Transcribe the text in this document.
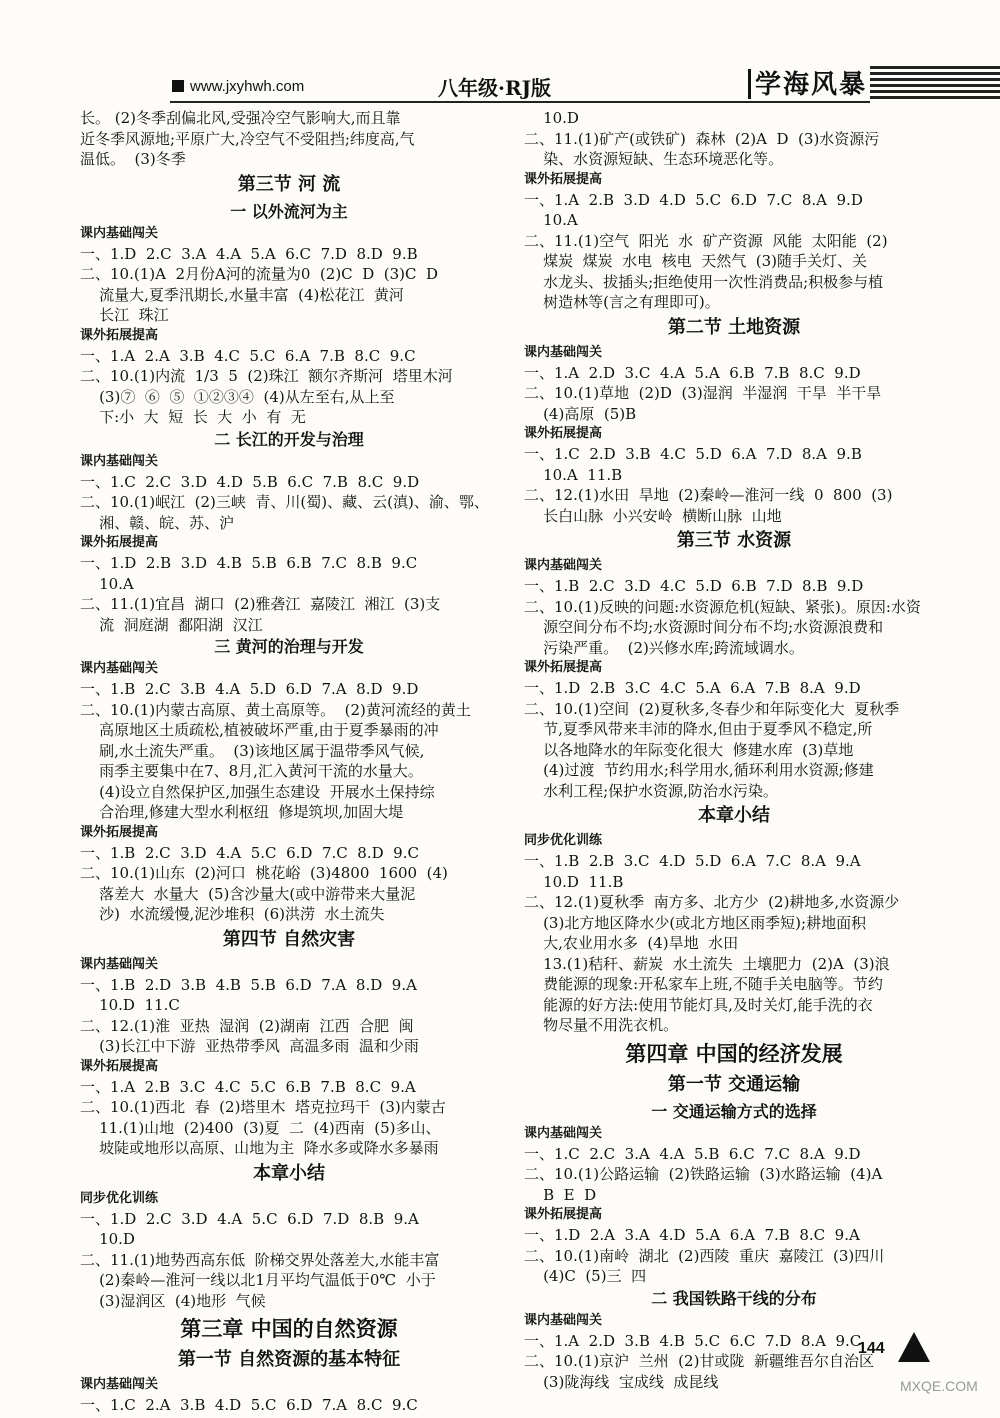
www.jxyhwh.com	八年级·RJ版	学海风暴
长。 (2)冬季刮偏北风,受强冷空气影响大,而且靠
近冬季风源地;平原广大,冷空气不受阻挡;纬度高,气
温低。  (3)冬季
第三节 河 流
一 以外流河为主
课内基础闯关
一、1.D  2.C  3.A  4.A  5.A  6.C  7.D  8.D  9.B
二、10.(1)A  2月份A河的流量为0  (2)C  D  (3)C  D
流量大,夏季汛期长,水量丰富  (4)松花江  黄河
长江  珠江
课外拓展提高
一、1.A  2.A  3.B  4.C  5.C  6.A  7.B  8.C  9.C
二、10.(1)内流  1/3  5  (2)珠江  额尔齐斯河  塔里木河
(3)⑦  ⑥  ⑤  ①②③④  (4)从左至右,从上至
下:小  大  短  长  大  小  有  无
二 长江的开发与治理
课内基础闯关
一、1.C  2.C  3.D  4.D  5.B  6.C  7.B  8.C  9.D
二、10.(1)岷江  (2)三峡  青、川(蜀)、藏、云(滇)、渝、鄂、
湘、赣、皖、苏、沪
课外拓展提高
一、1.D  2.B  3.D  4.B  5.B  6.B  7.C  8.B  9.C
10.A
二、11.(1)宜昌  湖口  (2)雅砻江  嘉陵江  湘江  (3)支
流  洞庭湖  鄱阳湖  汉江
三 黄河的治理与开发
课内基础闯关
一、1.B  2.C  3.B  4.A  5.D  6.D  7.A  8.D  9.D
二、10.(1)内蒙古高原、黄土高原等。  (2)黄河流经的黄土
高原地区土质疏松,植被破坏严重,由于夏季暴雨的冲
刷,水土流失严重。  (3)该地区属于温带季风气候,
雨季主要集中在7、8月,汇入黄河干流的水量大。
(4)设立自然保护区,加强生态建设  开展水土保持综
合治理,修建大型水利枢纽  修堤筑坝,加固大堤
课外拓展提高
一、1.B  2.C  3.D  4.A  5.C  6.D  7.C  8.D  9.C
二、10.(1)山东  (2)河口  桃花峪  (3)4800  1600  (4)
落差大  水量大  (5)含沙量大(或中游带来大量泥
沙)  水流缓慢,泥沙堆积  (6)洪涝  水土流失
第四节 自然灾害
课内基础闯关
一、1.B  2.D  3.B  4.B  5.B  6.D  7.A  8.D  9.A
10.D  11.C
二、12.(1)淮  亚热  湿润  (2)湖南  江西  合肥  闽
(3)长江中下游  亚热带季风  高温多雨  温和少雨
课外拓展提高
一、1.A  2.B  3.C  4.C  5.C  6.B  7.B  8.C  9.A
二、10.(1)西北  春  (2)塔里木  塔克拉玛干  (3)内蒙古
11.(1)山地  (2)400  (3)夏  二  (4)西南  (5)多山、
坡陡或地形以高原、山地为主  降水多或降水多暴雨
本章小结
同步优化训练
一、1.D  2.C  3.D  4.A  5.C  6.D  7.D  8.B  9.A
10.D
二、11.(1)地势西高东低  阶梯交界处落差大,水能丰富
(2)秦岭—淮河一线以北1月平均气温低于0℃  小于
(3)湿润区  (4)地形  气候
第三章 中国的自然资源
第一节 自然资源的基本特征
课内基础闯关
一、1.C  2.A  3.B  4.D  5.C  6.D  7.A  8.C  9.C
10.D
二、11.(1)矿产(或铁矿)  森林  (2)A  D  (3)水资源污
染、水资源短缺、生态环境恶化等。
课外拓展提高
一、1.A  2.B  3.D  4.D  5.C  6.D  7.C  8.A  9.D
10.A
二、11.(1)空气  阳光  水  矿产资源  风能  太阳能  (2)
煤炭  煤炭  水电  核电  天然气  (3)随手关灯、关
水龙头、拔插头;拒绝使用一次性消费品;积极参与植
树造林等(言之有理即可)。
第二节 土地资源
课内基础闯关
一、1.A  2.D  3.C  4.A  5.A  6.B  7.B  8.C  9.D
二、10.(1)草地  (2)D  (3)湿润  半湿润  干旱  半干旱
(4)高原  (5)B
课外拓展提高
一、1.C  2.D  3.B  4.C  5.D  6.A  7.D  8.A  9.B
10.A  11.B
二、12.(1)水田  旱地  (2)秦岭—淮河一线  0  800  (3)
长白山脉  小兴安岭  横断山脉  山地
第三节 水资源
课内基础闯关
一、1.B  2.C  3.D  4.C  5.D  6.B  7.D  8.B  9.D
二、10.(1)反映的问题:水资源危机(短缺、紧张)。原因:水资
源空间分布不均;水资源时间分布不均;水资源浪费和
污染严重。  (2)兴修水库;跨流域调水。
课外拓展提高
一、1.D  2.B  3.C  4.C  5.A  6.A  7.B  8.A  9.D
二、10.(1)空间  (2)夏秋多,冬春少和年际变化大  夏秋季
节,夏季风带来丰沛的降水,但由于夏季风不稳定,所
以各地降水的年际变化很大  修建水库  (3)草地
(4)过渡  节约用水;科学用水,循环利用水资源;修建
水利工程;保护水资源,防治水污染。
本章小结
同步优化训练
一、1.B  2.B  3.C  4.D  5.D  6.A  7.C  8.A  9.A
10.D  11.B
二、12.(1)夏秋季  南方多、北方少  (2)耕地多,水资源少
(3)北方地区降水少(或北方地区雨季短);耕地面积
大,农业用水多  (4)旱地  水田
13.(1)秸秆、薪炭  水土流失  土壤肥力  (2)A  (3)浪
费能源的现象:开私家车上班,不随手关电脑等。节约
能源的好方法:使用节能灯具,及时关灯,能手洗的衣
物尽量不用洗衣机。
第四章 中国的经济发展
第一节 交通运输
一 交通运输方式的选择
课内基础闯关
一、1.C  2.C  3.A  4.A  5.B  6.C  7.C  8.A  9.D
二、10.(1)公路运输  (2)铁路运输  (3)水路运输  (4)A
B  E  D
课外拓展提高
一、1.D  2.A  3.A  4.D  5.A  6.A  7.B  8.C  9.A
二、10.(1)南岭  湖北  (2)西陵  重庆  嘉陵江  (3)四川
(4)C  (5)三  四
二 我国铁路干线的分布
课内基础闯关
一、1.A  2.D  3.B  4.B  5.C  6.C  7.D  8.A  9.C
二、10.(1)京沪  兰州  (2)甘或陇  新疆维吾尔自治区
(3)陇海线  宝成线  成昆线
144
MXQE.COM
